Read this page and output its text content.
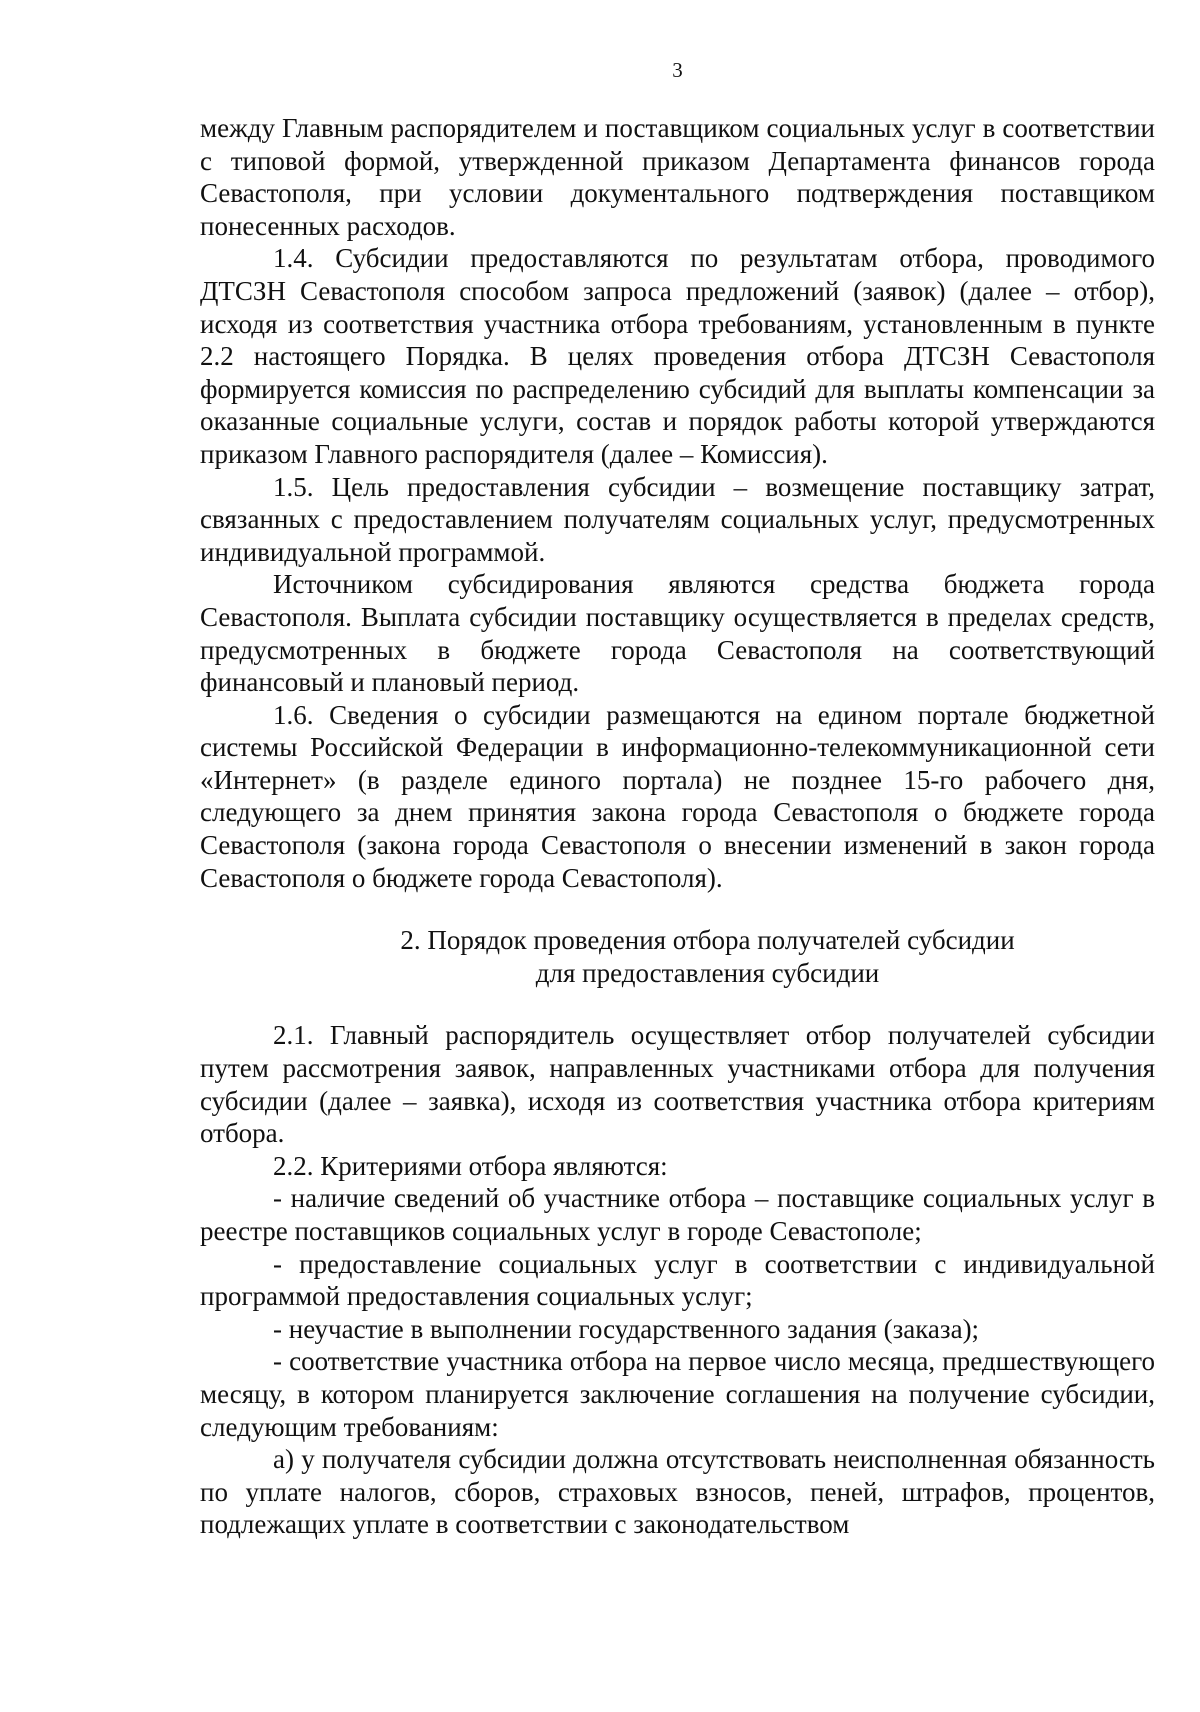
3

между Главным распорядителем и поставщиком социальных услуг в соответствии с типовой формой, утвержденной приказом Департамента финансов города Севастополя, при условии документального подтверждения поставщиком понесенных расходов.

1.4. Субсидии предоставляются по результатам отбора, проводимого ДТСЗН Севастополя способом запроса предложений (заявок) (далее – отбор), исходя из соответствия участника отбора требованиям, установленным в пункте 2.2 настоящего Порядка. В целях проведения отбора ДТСЗН Севастополя формируется комиссия по распределению субсидий для выплаты компенсации за оказанные социальные услуги, состав и порядок работы которой утверждаются приказом Главного распорядителя (далее – Комиссия).

1.5. Цель предоставления субсидии – возмещение поставщику затрат, связанных с предоставлением получателям социальных услуг, предусмотренных индивидуальной программой.

Источником субсидирования являются средства бюджета города Севастополя. Выплата субсидии поставщику осуществляется в пределах средств, предусмотренных в бюджете города Севастополя на соответствующий финансовый и плановый период.

1.6. Сведения о субсидии размещаются на едином портале бюджетной системы Российской Федерации в информационно-телекоммуникационной сети «Интернет» (в разделе единого портала) не позднее 15-го рабочего дня, следующего за днем принятия закона города Севастополя о бюджете города Севастополя (закона города Севастополя о внесении изменений в закон города Севастополя о бюджете города Севастополя).

2. Порядок проведения отбора получателей субсидии
для предоставления субсидии

2.1. Главный распорядитель осуществляет отбор получателей субсидии путем рассмотрения заявок, направленных участниками отбора для получения субсидии (далее – заявка), исходя из соответствия участника отбора критериям отбора.

2.2. Критериями отбора являются:

- наличие сведений об участнике отбора – поставщике социальных услуг в реестре поставщиков социальных услуг в городе Севастополе;

- предоставление социальных услуг в соответствии с индивидуальной программой предоставления социальных услуг;

- неучастие в выполнении государственного задания (заказа);

- соответствие участника отбора на первое число месяца, предшествующего месяцу, в котором планируется заключение соглашения на получение субсидии, следующим требованиям:

а) у получателя субсидии должна отсутствовать неисполненная обязанность по уплате налогов, сборов, страховых взносов, пеней, штрафов, процентов, подлежащих уплате в соответствии с законодательством
